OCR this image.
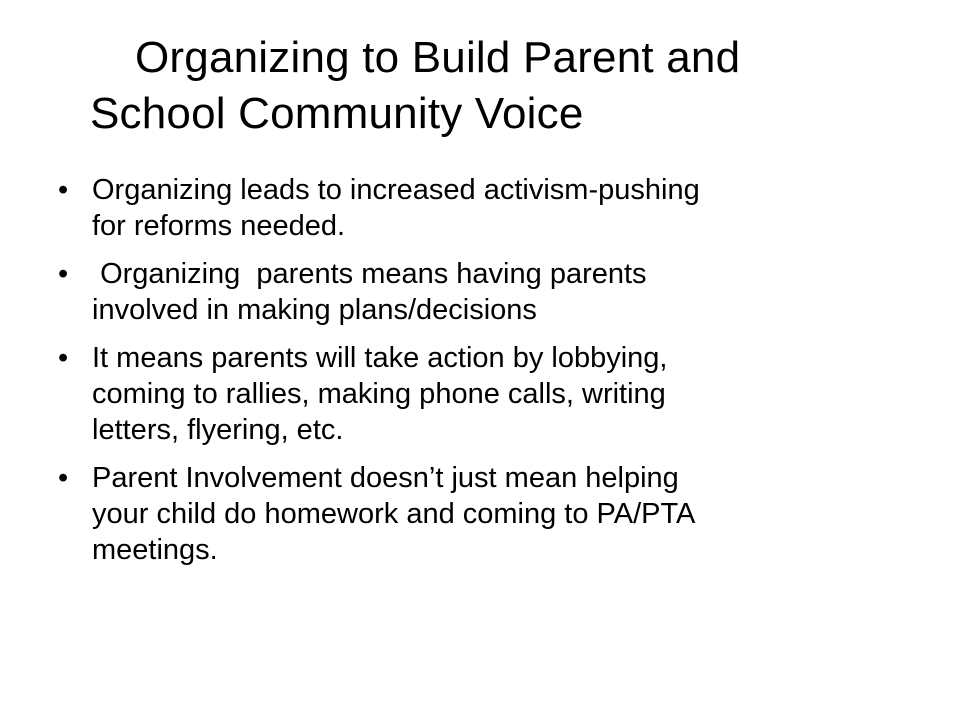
Organizing to Build Parent and
School Community Voice
• Organizing leads to increased activism-pushing
for reforms needed.
• Organizing  parents means having parents
involved in making plans/decisions
• It means parents will take action by lobbying,
coming to rallies, making phone calls, writing
letters, flyering, etc.
• Parent Involvement doesn’t just mean helping
your child do homework and coming to PA/PTA
meetings.
